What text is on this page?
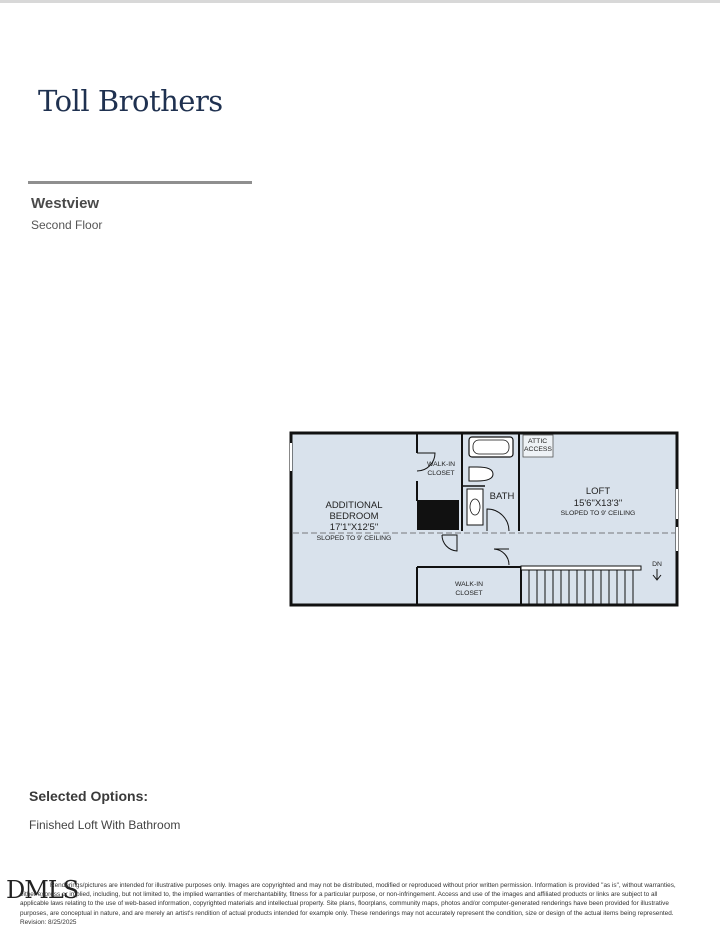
Toll Brothers
Westview
Second Floor
ADDITIONAL
BEDROOM
17'1"X12'5"
SLOPED TO 9' CEILING
WALK-IN
CLOSET
ATTIC
ACCESS
BATH	LOFT
15'6"X13'3"
SLOPED TO 9' CEILING
WALK-IN
CLOSET
DN
Selected Options:
Finished Loft With Bathroom
DMLS
Renderings/pictures are intended for illustrative purposes only. Images are copyrighted and may not be distributed, modified or reproduced without prior written permission. Information is provided "as is", without warranties, either express or implied, including, but not limited to, the implied warranties of merchantability, fitness for a particular purpose, or non-infringement. Access and use of the images and affiliated products or links are subject to all applicable laws relating to the use of web-based information, copyrighted materials and intellectual property. Site plans, floorplans, community maps, photos and/or computer-generated renderings have been provided for illustrative purposes, are conceptual in nature, and are merely an artist's rendition of actual products intended for example only. These renderings may not accurately represent the condition, size or design of the actual items being represented. Revision: 8/25/2025
